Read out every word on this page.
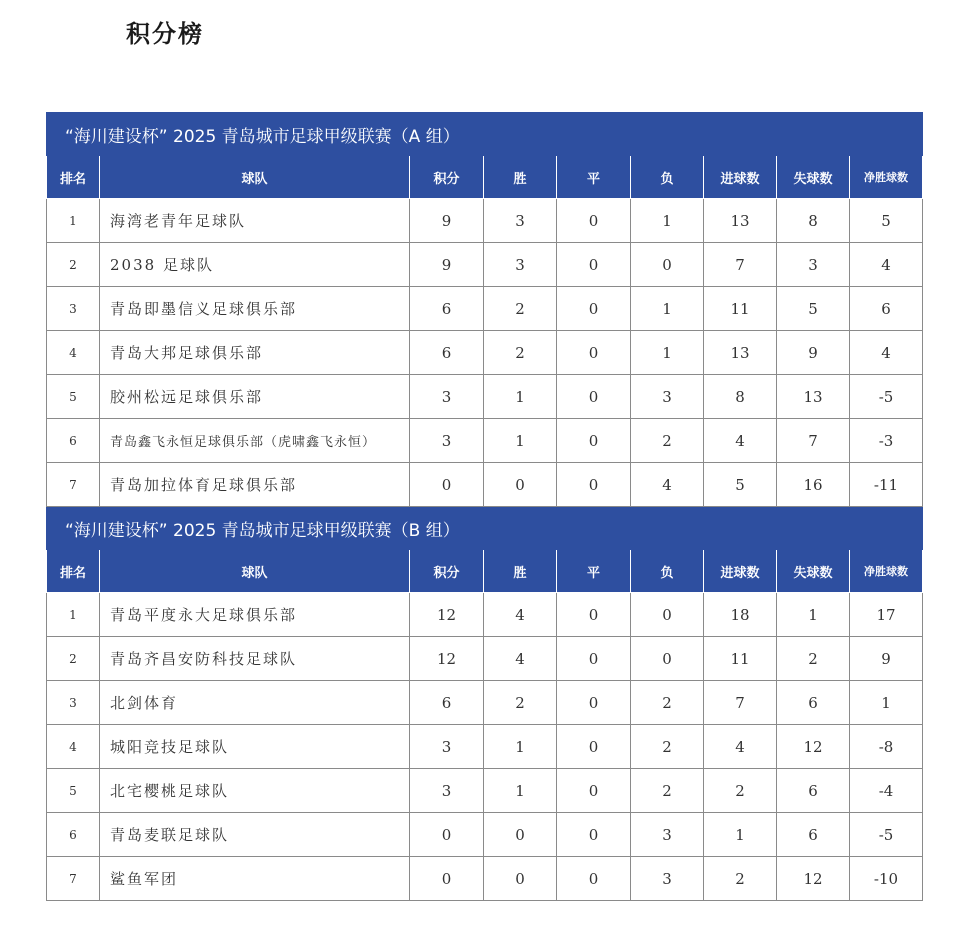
积分榜
“海川建设杯” 2025 青岛城市足球甲级联赛（A 组）								
排名	球队	积分	胜	平	负	进球数	失球数	净胜球数
1	海湾老青年足球队	9	3	0	1	13	8	5
2	2038 足球队	9	3	0	0	7	3	4
3	青岛即墨信义足球俱乐部	6	2	0	1	11	5	6
4	青岛大邦足球俱乐部	6	2	0	1	13	9	4
5	胶州松远足球俱乐部	3	1	0	3	8	13	-5
6	青岛鑫飞永恒足球俱乐部（虎啸鑫飞永恒）	3	1	0	2	4	7	-3
7	青岛加拉体育足球俱乐部	0	0	0	4	5	16	-11
“海川建设杯” 2025 青岛城市足球甲级联赛（B 组）								
排名	球队	积分	胜	平	负	进球数	失球数	净胜球数
1	青岛平度永大足球俱乐部	12	4	0	0	18	1	17
2	青岛齐昌安防科技足球队	12	4	0	0	11	2	9
3	北剑体育	6	2	0	2	7	6	1
4	城阳竞技足球队	3	1	0	2	4	12	-8
5	北宅樱桃足球队	3	1	0	2	2	6	-4
6	青岛麦联足球队	0	0	0	3	1	6	-5
7	鲨鱼军团	0	0	0	3	2	12	-10
